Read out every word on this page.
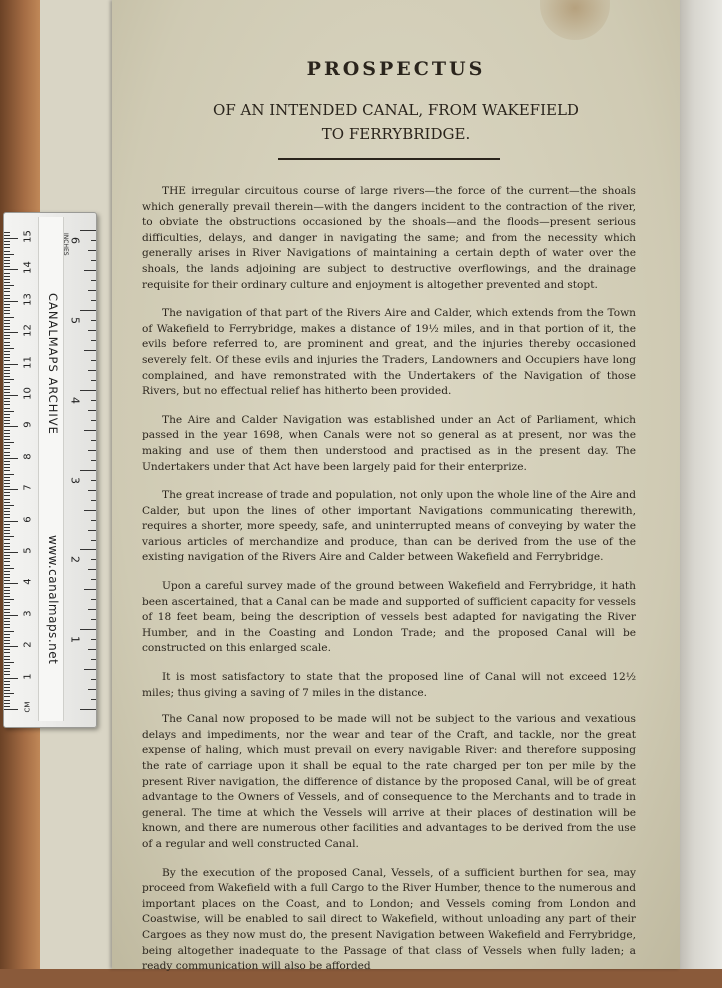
PROSPECTUS
OF AN INTENDED CANAL, FROM WAKEFIELD
TO FERRYBRIDGE.

THE irregular circuitous course of large rivers—the force of the current—the shoals which generally prevail therein—with the dangers incident to the contraction of the river, to obviate the obstructions occasioned by the shoals—and the floods—present serious difficulties, delays, and danger in navigating the same; and from the necessity which generally arises in River Navigations of maintaining a certain depth of water over the shoals, the lands adjoining are subject to destructive overflowings, and the drainage requisite for their ordinary culture and enjoyment is altogether prevented and stopt.

The navigation of that part of the Rivers Aire and Calder, which extends from the Town of Wakefield to Ferrybridge, makes a distance of 19½ miles, and in that portion of it, the evils before referred to, are prominent and great, and the injuries thereby occasioned severely felt. Of these evils and injuries the Traders, Landowners and Occupiers have long complained, and have remonstrated with the Undertakers of the Navigation of those Rivers, but no effectual relief has hitherto been provided.

The Aire and Calder Navigation was established under an Act of Parliament, which passed in the year 1698, when Canals were not so general as at present, nor was the making and use of them then understood and practised as in the present day. The Undertakers under that Act have been largely paid for their enterprize.

The great increase of trade and population, not only upon the whole line of the Aire and Calder, but upon the lines of other important Navigations communicating therewith, requires a shorter, more speedy, safe, and uninterrupted means of conveying by water the various articles of merchandize and produce, than can be derived from the use of the existing navigation of the Rivers Aire and Calder between Wakefield and Ferrybridge.

Upon a careful survey made of the ground between Wakefield and Ferrybridge, it hath been ascertained, that a Canal can be made and supported of sufficient capacity for vessels of 18 feet beam, being the description of vessels best adapted for navigating the River Humber, and in the Coasting and London Trade; and the proposed Canal will be constructed on this enlarged scale.

It is most satisfactory to state that the proposed line of Canal will not exceed 12½ miles; thus giving a saving of 7 miles in the distance.

The Canal now proposed to be made will not be subject to the various and vexatious delays and impediments, nor the wear and tear of the Craft, and tackle, nor the great expense of haling, which must prevail on every navigable River: and therefore supposing the rate of carriage upon it shall be equal to the rate charged per ton per mile by the present River navigation, the difference of distance by the proposed Canal, will be of great advantage to the Owners of Vessels, and of consequence to the Merchants and to trade in general. The time at which the Vessels will arrive at their places of destination will be known, and there are numerous other facilities and advantages to be derived from the use of a regular and well constructed Canal.

By the execution of the proposed Canal, Vessels, of a sufficient burthen for sea, may proceed from Wakefield with a full Cargo to the River Humber, thence to the numerous and important places on the Coast, and to London; and Vessels coming from London and Coastwise, will be enabled to sail direct to Wakefield, without unloading any part of their Cargoes as they now must do, the present Navigation between Wakefield and Ferrybridge, being altogether inadequate to the Passage of that class of Vessels when fully laden; a ready communication will also be afforded

CANALMAPS ARCHIVE
www.canalmaps.net
CM
INCHES
1
2
3
4
5
6
7
8
9
10
11
12
13
14
15
1
2
3
4
5
6
